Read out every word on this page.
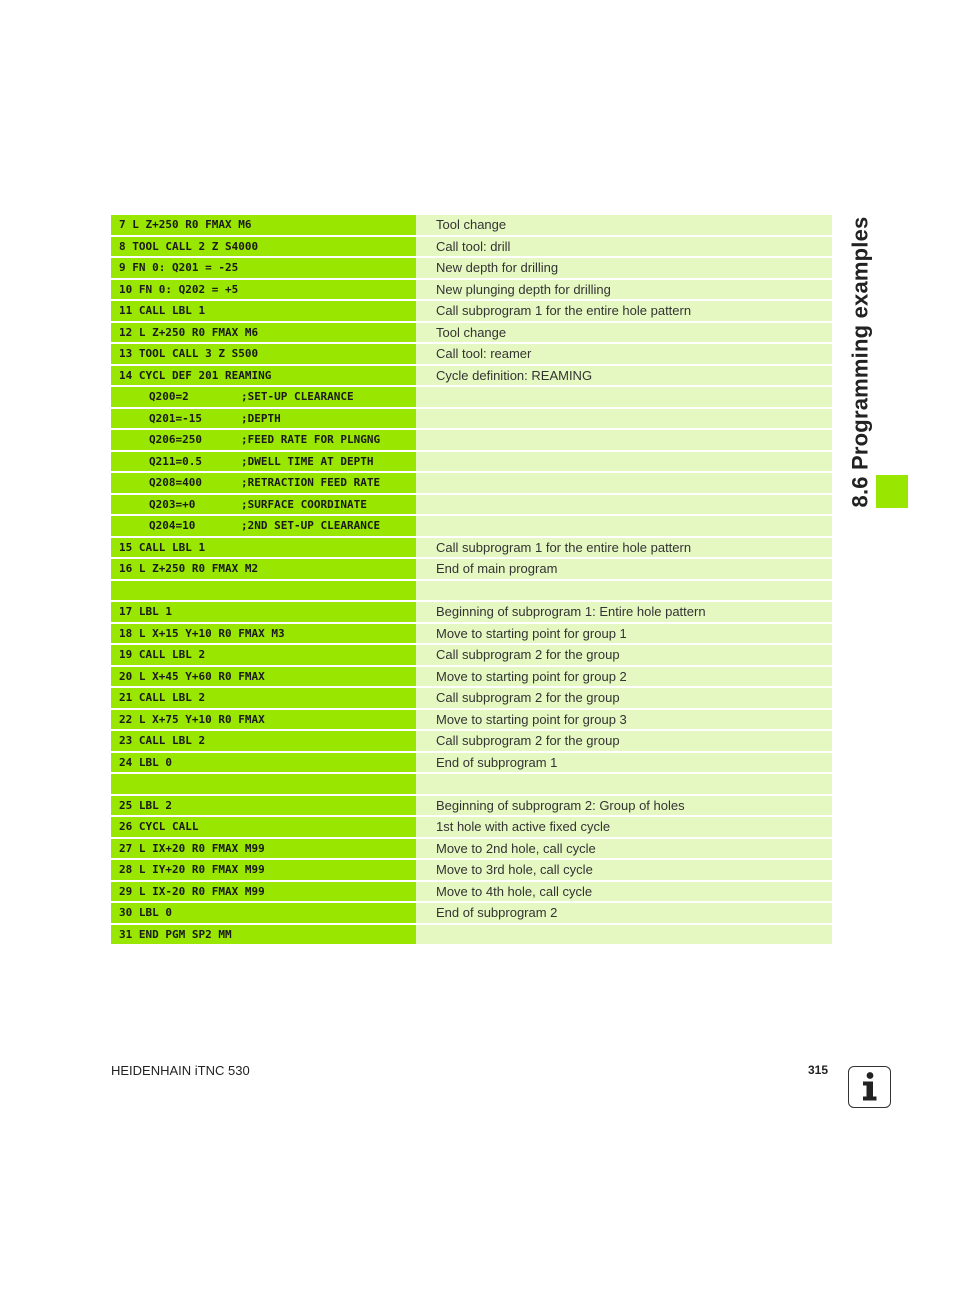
7 L Z+250 R0 FMAX M6	Tool change
8 TOOL CALL 2 Z S4000	Call tool: drill
9 FN 0: Q201 = -25	New depth for drilling
10 FN 0: Q202 = +5	New plunging depth for drilling
11 CALL LBL 1	Call subprogram 1 for the entire hole pattern
12 L Z+250 R0 FMAX M6	Tool change
13 TOOL CALL 3 Z S500	Call tool: reamer
14 CYCL DEF 201 REAMING	Cycle definition: REAMING
Q200=2	;SET-UP CLEARANCE
Q201=-15	;DEPTH
Q206=250	;FEED RATE FOR PLNGNG
Q211=0.5	;DWELL TIME AT DEPTH
Q208=400	;RETRACTION FEED RATE
Q203=+0	;SURFACE COORDINATE
Q204=10	;2ND SET-UP CLEARANCE
15 CALL LBL 1	Call subprogram 1 for the entire hole pattern
16 L Z+250 R0 FMAX M2	End of main program
17 LBL 1	Beginning of subprogram 1: Entire hole pattern
18 L X+15 Y+10 R0 FMAX M3	Move to starting point for group 1
19 CALL LBL 2	Call subprogram 2 for the group
20 L X+45 Y+60 R0 FMAX	Move to starting point for group 2
21 CALL LBL 2	Call subprogram 2 for the group
22 L X+75 Y+10 R0 FMAX	Move to starting point for group 3
23 CALL LBL 2	Call subprogram 2 for the group
24 LBL 0	End of subprogram 1
25 LBL 2	Beginning of subprogram 2: Group of holes
26 CYCL CALL	1st hole with active fixed cycle
27 L IX+20 R0 FMAX M99	Move to 2nd hole, call cycle
28 L IY+20 R0 FMAX M99	Move to 3rd hole, call cycle
29 L IX-20 R0 FMAX M99	Move to 4th hole, call cycle
30 LBL 0	End of subprogram 2
31 END PGM SP2 MM
8.6 Programming examples
HEIDENHAIN iTNC 530	315
